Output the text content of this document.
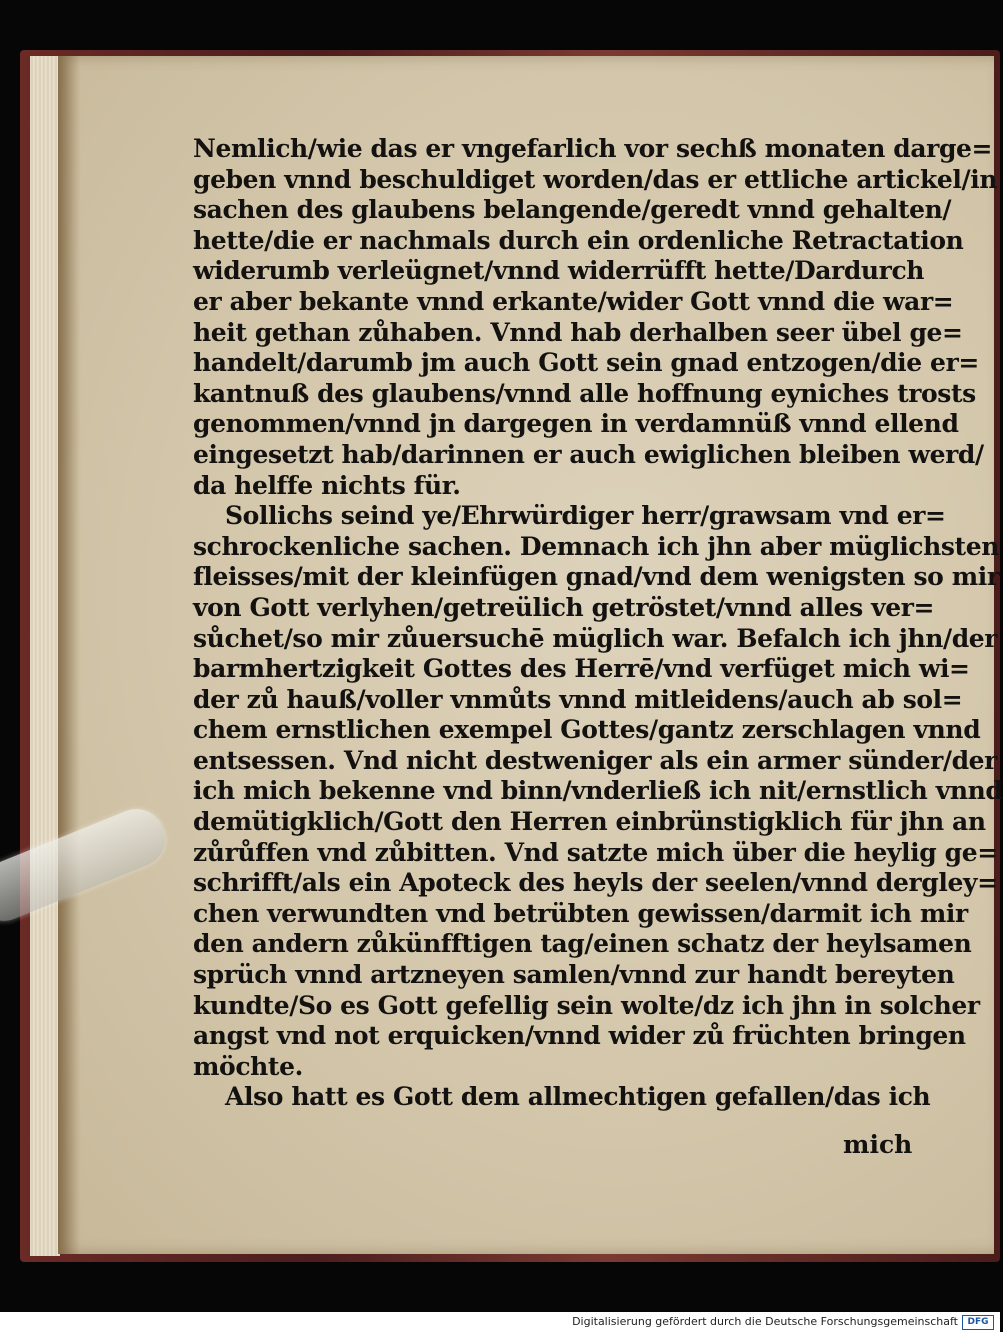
Nemlich/wie das er vngefarlich vor sechß monaten darge=
geben vnnd beschuldiget worden/das er ettliche artickel/in
sachen des glaubens belangende/geredt vnnd gehalten/
hette/die er nachmals durch ein ordenliche Retractation
widerumb verleügnet/vnnd widerrüfft hette/Dardurch
er aber bekante vnnd erkante/wider Gott vnnd die war=
heit gethan zůhaben. Vnnd hab derhalben seer übel ge=
handelt/darumb jm auch Gott sein gnad entzogen/die er=
kantnuß des glaubens/vnnd alle hoffnung eyniches trosts
genommen/vnnd jn dargegen in verdamnüß vnnd ellend
eingesetzt hab/darinnen er auch ewiglichen bleiben werd/
da helffe nichts für.
Sollichs seind ye/Ehrwürdiger herr/grawsam vnd er=
schrockenliche sachen. Demnach ich jhn aber müglichsten
fleisses/mit der kleinfügen gnad/vnd dem wenigsten so mir
von Gott verlyhen/getreülich getröstet/vnnd alles ver=
sůchet/so mir zůuersuchē müglich war. Befalch ich jhn/der
barmhertzigkeit Gottes des Herrē/vnd verfüget mich wi=
der zů hauß/voller vnmůts vnnd mitleidens/auch ab sol=
chem ernstlichen exempel Gottes/gantz zerschlagen vnnd
entsessen. Vnd nicht destweniger als ein armer sünder/der
ich mich bekenne vnd binn/vnderließ ich nit/ernstlich vnnd
demütigklich/Gott den Herren einbrünstigklich für jhn an
zůrůffen vnd zůbitten. Vnd satzte mich über die heylig ge=
schrifft/als ein Apoteck des heyls der seelen/vnnd dergley=
chen verwundten vnd betrübten gewissen/darmit ich mir
den andern zůkünfftigen tag/einen schatz der heylsamen
sprüch vnnd artzneyen samlen/vnnd zur handt bereyten
kundte/So es Gott gefellig sein wolte/dz ich jhn in solcher
angst vnd not erquicken/vnnd wider zů früchten bringen
möchte.
Also hatt es Gott dem allmechtigen gefallen/das ich
mich
Digitalisierung gefördert durch die Deutsche Forschungsgemeinschaft	DFG
